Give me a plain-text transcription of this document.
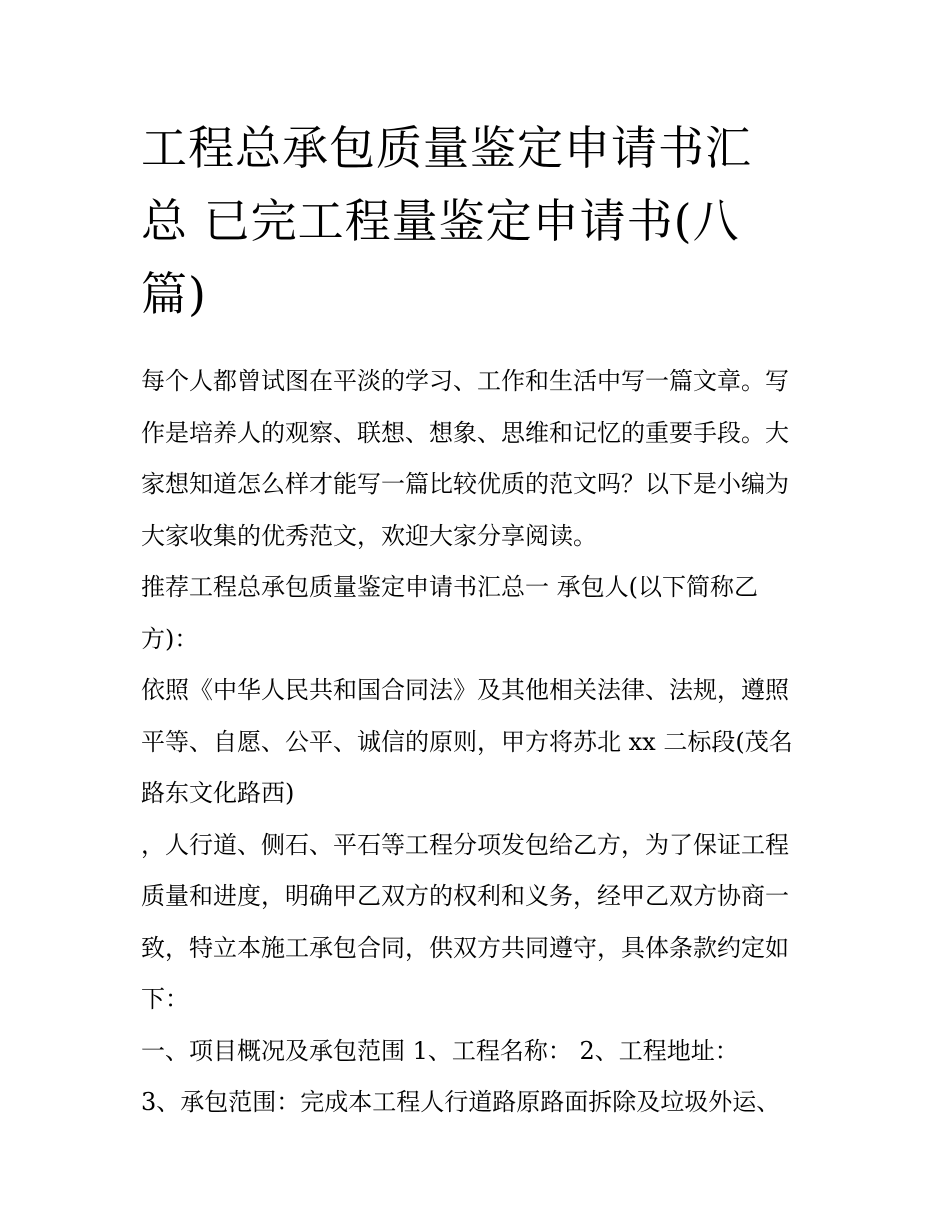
工程总承包质量鉴定申请书汇
总 已完工程量鉴定申请书(八
篇)
每个人都曾试图在平淡的学习、工作和生活中写一篇文章。写
作是培养人的观察、联想、想象、思维和记忆的重要手段。大
家想知道怎么样才能写一篇比较优质的范文吗？以下是小编为
大家收集的优秀范文，欢迎大家分享阅读。
推荐工程总承包质量鉴定申请书汇总一 承包人(以下简称乙
方)：
依照《中华人民共和国合同法》及其他相关法律、法规，遵照
平等、自愿、公平、诚信的原则，甲方将苏北 xx 二标段(茂名
路东文化路西)
，人行道、侧石、平石等工程分项发包给乙方，为了保证工程
质量和进度，明确甲乙双方的权利和义务，经甲乙双方协商一
致，特立本施工承包合同，供双方共同遵守，具体条款约定如
下：
一、项目概况及承包范围 1、工程名称： 2、工程地址：
3、承包范围：完成本工程人行道路原路面拆除及垃圾外运、
